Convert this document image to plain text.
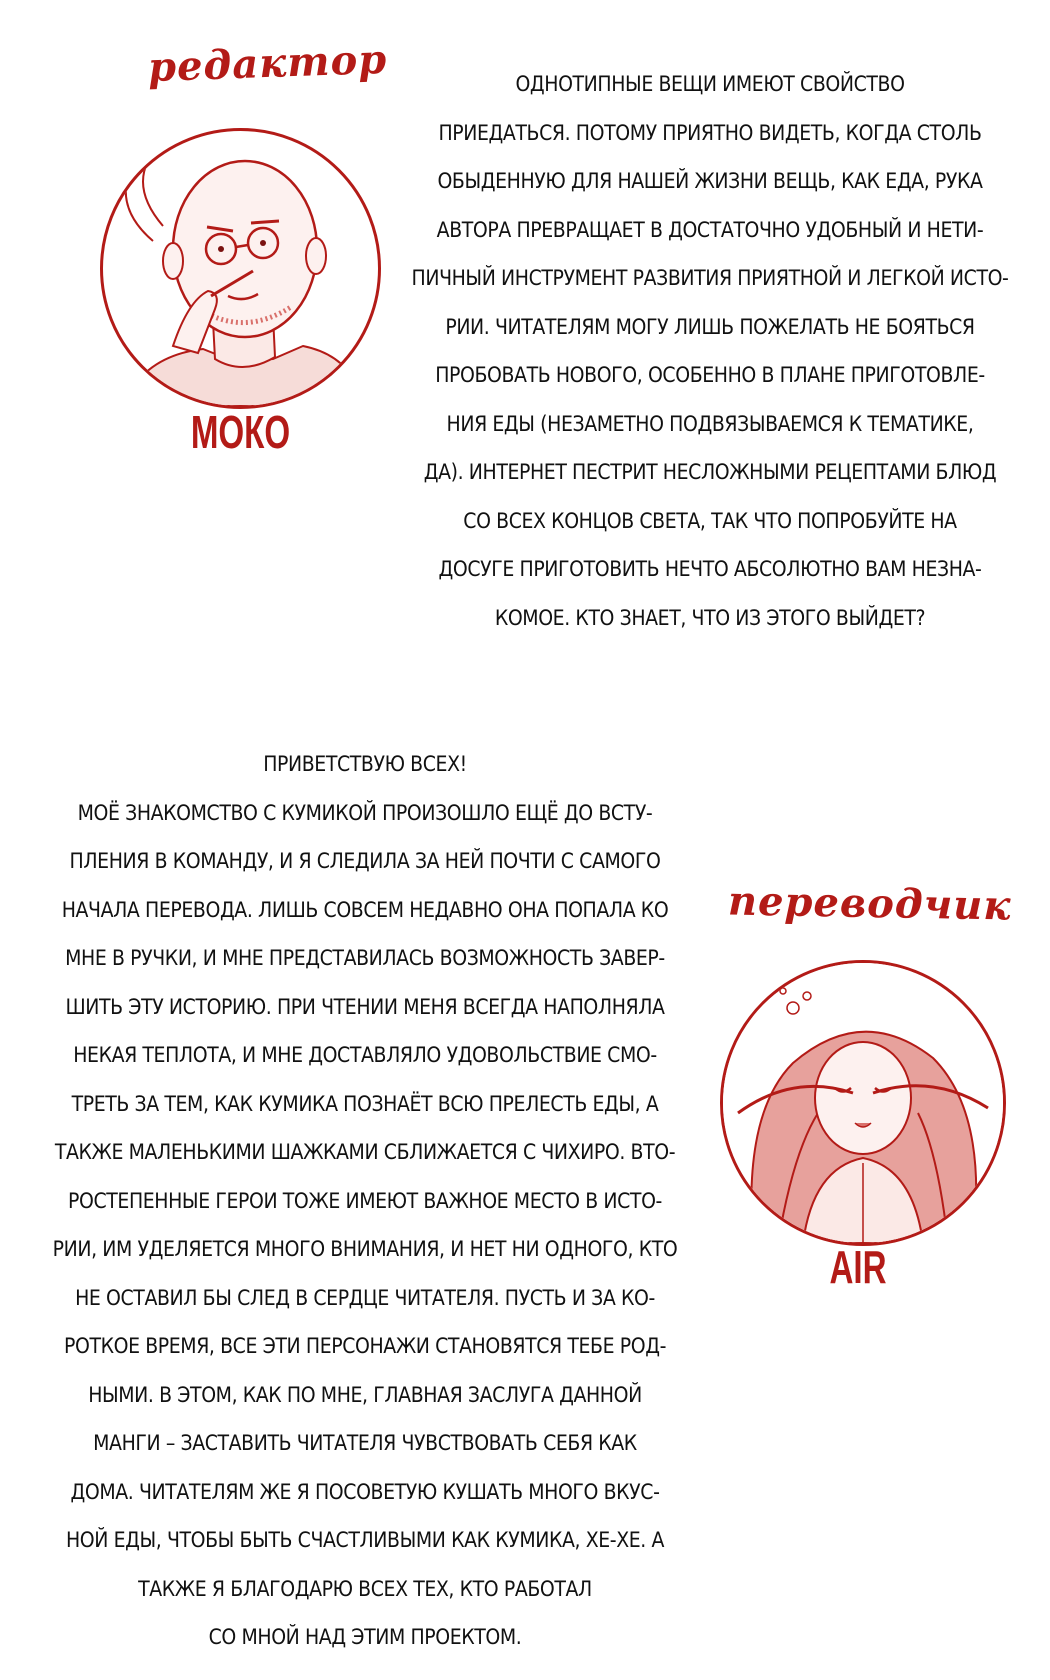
редактор
МОКО
ОДНОТИПНЫЕ ВЕЩИ ИМЕЮТ СВОЙСТВО
ПРИЕДАТЬСЯ. ПОТОМУ ПРИЯТНО ВИДЕТЬ, КОГДА СТОЛЬ
ОБЫДЕННУЮ ДЛЯ НАШЕЙ ЖИЗНИ ВЕЩЬ, КАК ЕДА, РУКА
АВТОРА ПРЕВРАЩАЕТ В ДОСТАТОЧНО УДОБНЫЙ И НЕТИ-
ПИЧНЫЙ ИНСТРУМЕНТ РАЗВИТИЯ ПРИЯТНОЙ И ЛЕГКОЙ ИСТО-
РИИ. ЧИТАТЕЛЯМ МОГУ ЛИШЬ ПОЖЕЛАТЬ НЕ БОЯТЬСЯ
ПРОБОВАТЬ НОВОГО, ОСОБЕННО В ПЛАНЕ ПРИГОТОВЛЕ-
НИЯ ЕДЫ (НЕЗАМЕТНО ПОДВЯЗЫВАЕМСЯ К ТЕМАТИКЕ,
ДА). ИНТЕРНЕТ ПЕСТРИТ НЕСЛОЖНЫМИ РЕЦЕПТАМИ БЛЮД
СО ВСЕХ КОНЦОВ СВЕТА, ТАК ЧТО ПОПРОБУЙТЕ НА
ДОСУГЕ ПРИГОТОВИТЬ НЕЧТО АБСОЛЮТНО ВАМ НЕЗНА-
КОМОЕ. КТО ЗНАЕТ, ЧТО ИЗ ЭТОГО ВЫЙДЕТ?
ПРИВЕТСТВУЮ ВСЕХ!
МОЁ ЗНАКОМСТВО С КУМИКОЙ ПРОИЗОШЛО ЕЩЁ ДО ВСТУ-
ПЛЕНИЯ В КОМАНДУ, И Я СЛЕДИЛА ЗА НЕЙ ПОЧТИ С САМОГО
НАЧАЛА ПЕРЕВОДА. ЛИШЬ СОВСЕМ НЕДАВНО ОНА ПОПАЛА КО
МНЕ В РУЧКИ, И МНЕ ПРЕДСТАВИЛАСЬ ВОЗМОЖНОСТЬ ЗАВЕР-
ШИТЬ ЭТУ ИСТОРИЮ. ПРИ ЧТЕНИИ МЕНЯ ВСЕГДА НАПОЛНЯЛА
НЕКАЯ ТЕПЛОТА, И МНЕ ДОСТАВЛЯЛО УДОВОЛЬСТВИЕ СМО-
ТРЕТЬ ЗА ТЕМ, КАК КУМИКА ПОЗНАЁТ ВСЮ ПРЕЛЕСТЬ ЕДЫ, А
ТАКЖЕ МАЛЕНЬКИМИ ШАЖКАМИ СБЛИЖАЕТСЯ С ЧИХИРО. ВТО-
РОСТЕПЕННЫЕ ГЕРОИ ТОЖЕ ИМЕЮТ ВАЖНОЕ МЕСТО В ИСТО-
РИИ, ИМ УДЕЛЯЕТСЯ МНОГО ВНИМАНИЯ, И НЕТ НИ ОДНОГО, КТО
НЕ ОСТАВИЛ БЫ СЛЕД В СЕРДЦЕ ЧИТАТЕЛЯ. ПУСТЬ И ЗА КО-
РОТКОЕ ВРЕМЯ, ВСЕ ЭТИ ПЕРСОНАЖИ СТАНОВЯТСЯ ТЕБЕ РОД-
НЫМИ. В ЭТОМ, КАК ПО МНЕ, ГЛАВНАЯ ЗАСЛУГА ДАННОЙ
МАНГИ – ЗАСТАВИТЬ ЧИТАТЕЛЯ ЧУВСТВОВАТЬ СЕБЯ КАК
ДОМА. ЧИТАТЕЛЯМ ЖЕ Я ПОСОВЕТУЮ КУШАТЬ МНОГО ВКУС-
НОЙ ЕДЫ, ЧТОБЫ БЫТЬ СЧАСТЛИВЫМИ КАК КУМИКА, ХЕ-ХЕ. А
ТАКЖЕ Я БЛАГОДАРЮ ВСЕХ ТЕХ, КТО РАБОТАЛ
СО МНОЙ НАД ЭТИМ ПРОЕКТОМ.
переводчик
AIR
